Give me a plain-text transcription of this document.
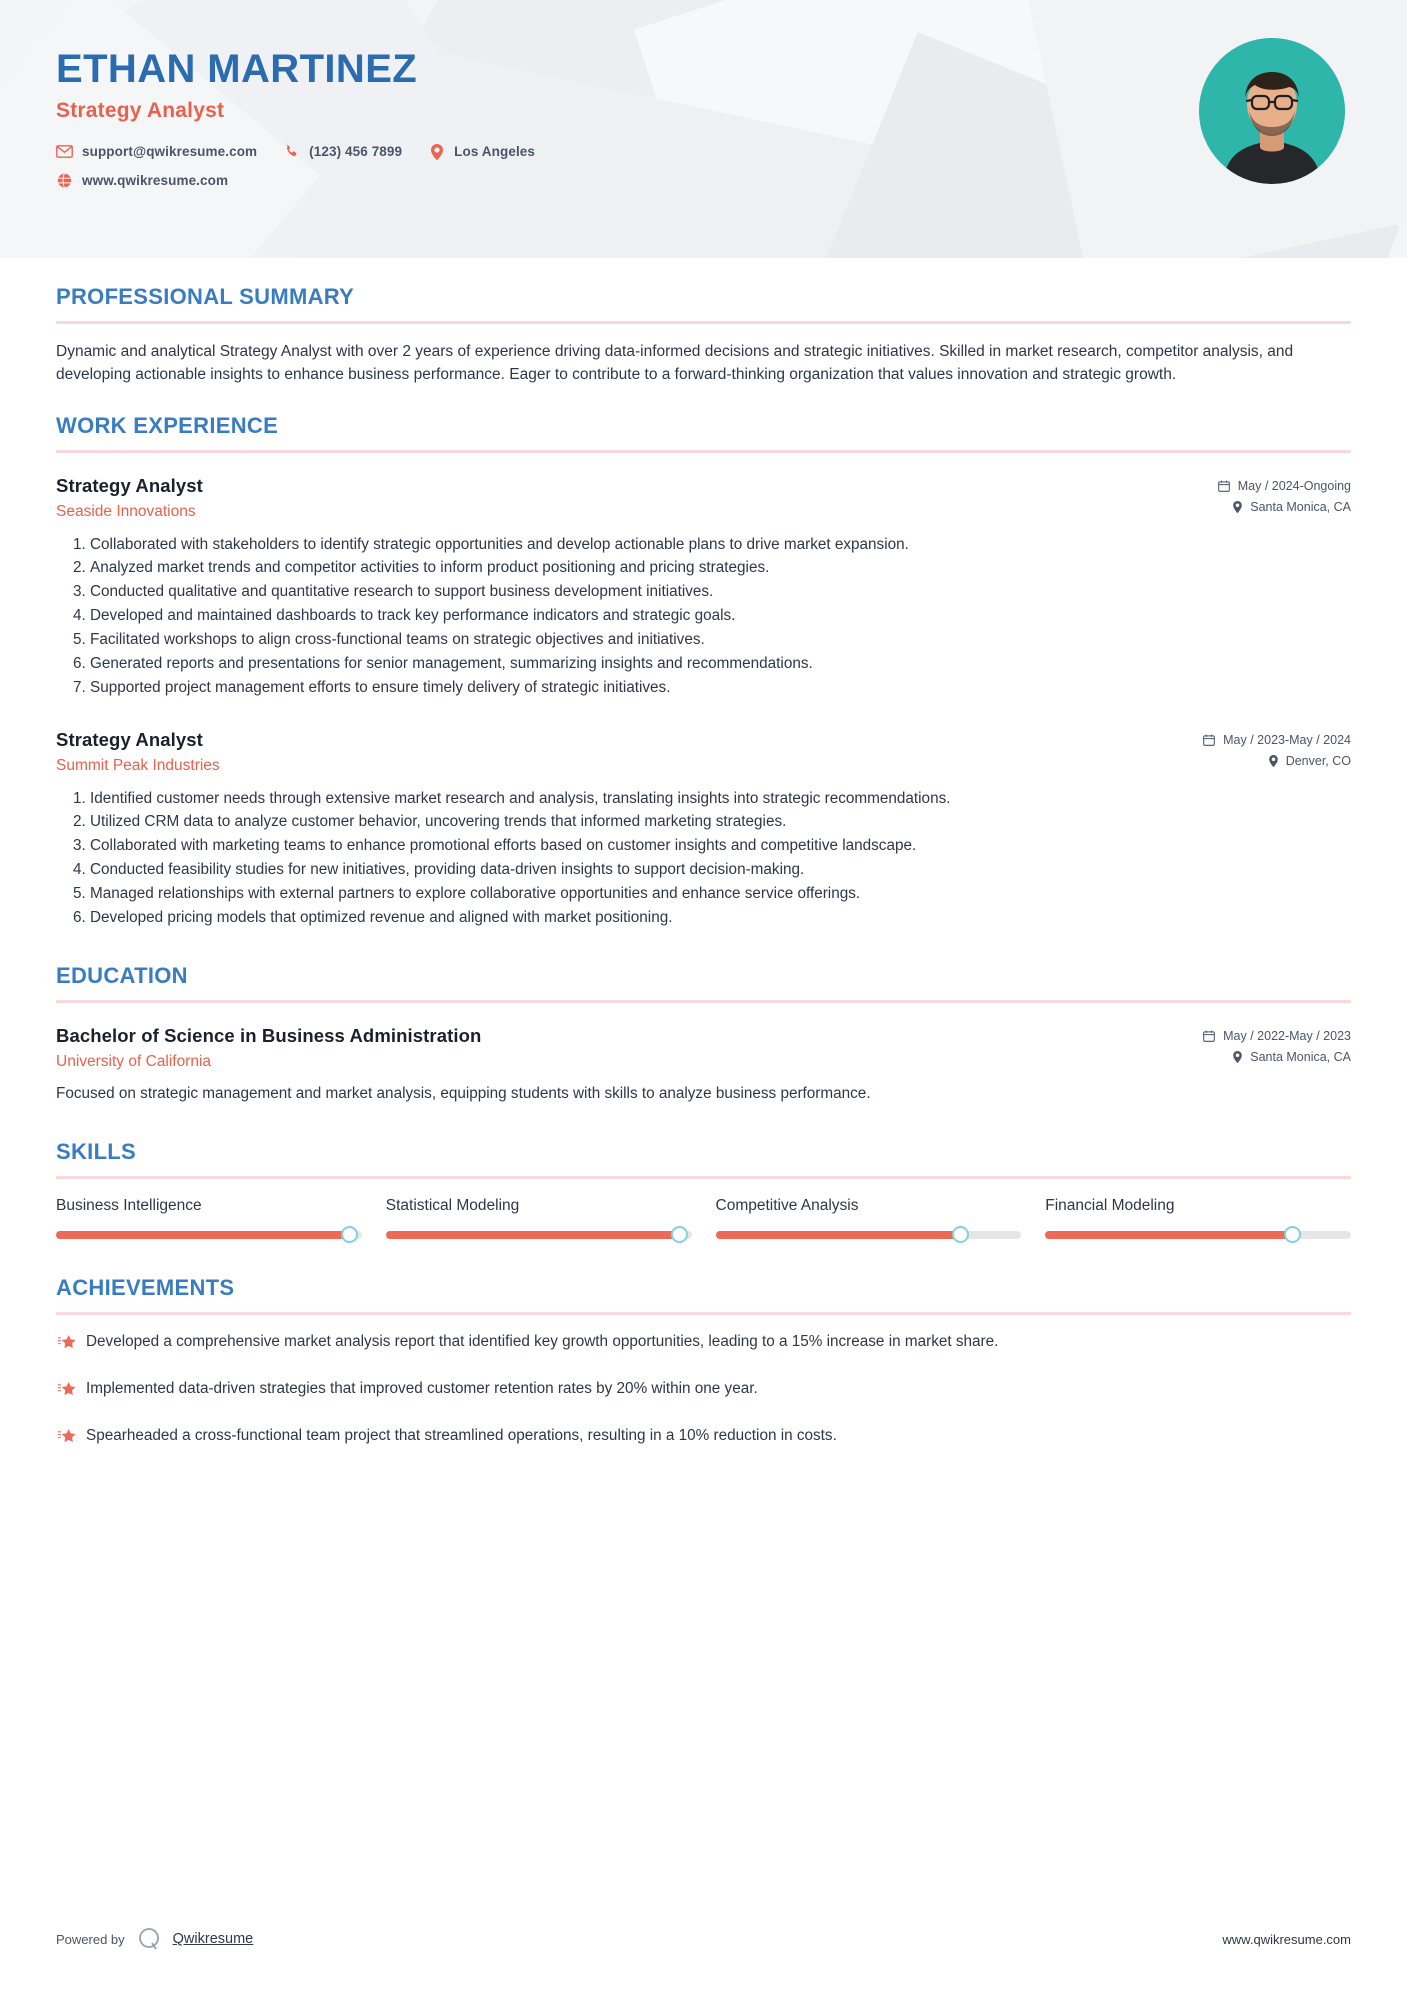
ETHAN MARTINEZ
Strategy Analyst
support@qwikresume.com	(123) 456 7899	Los Angeles
www.qwikresume.com
PROFESSIONAL SUMMARY
Dynamic and analytical Strategy Analyst with over 2 years of experience driving data-informed decisions and strategic initiatives. Skilled in market research, competitor analysis, and developing actionable insights to enhance business performance. Eager to contribute to a forward-thinking organization that values innovation and strategic growth.
WORK EXPERIENCE
Strategy Analyst
Seaside Innovations
May / 2024-Ongoing
Santa Monica, CA
1. Collaborated with stakeholders to identify strategic opportunities and develop actionable plans to drive market expansion.
2. Analyzed market trends and competitor activities to inform product positioning and pricing strategies.
3. Conducted qualitative and quantitative research to support business development initiatives.
4. Developed and maintained dashboards to track key performance indicators and strategic goals.
5. Facilitated workshops to align cross-functional teams on strategic objectives and initiatives.
6. Generated reports and presentations for senior management, summarizing insights and recommendations.
7. Supported project management efforts to ensure timely delivery of strategic initiatives.
Strategy Analyst
Summit Peak Industries
May / 2023-May / 2024
Denver, CO
1. Identified customer needs through extensive market research and analysis, translating insights into strategic recommendations.
2. Utilized CRM data to analyze customer behavior, uncovering trends that informed marketing strategies.
3. Collaborated with marketing teams to enhance promotional efforts based on customer insights and competitive landscape.
4. Conducted feasibility studies for new initiatives, providing data-driven insights to support decision-making.
5. Managed relationships with external partners to explore collaborative opportunities and enhance service offerings.
6. Developed pricing models that optimized revenue and aligned with market positioning.
EDUCATION
Bachelor of Science in Business Administration
University of California
May / 2022-May / 2023
Santa Monica, CA
Focused on strategic management and market analysis, equipping students with skills to analyze business performance.
SKILLS
Business Intelligence	Statistical Modeling	Competitive Analysis	Financial Modeling
ACHIEVEMENTS
Developed a comprehensive market analysis report that identified key growth opportunities, leading to a 15% increase in market share.
Implemented data-driven strategies that improved customer retention rates by 20% within one year.
Spearheaded a cross-functional team project that streamlined operations, resulting in a 10% reduction in costs.
Powered by	Qwikresume	www.qwikresume.com
